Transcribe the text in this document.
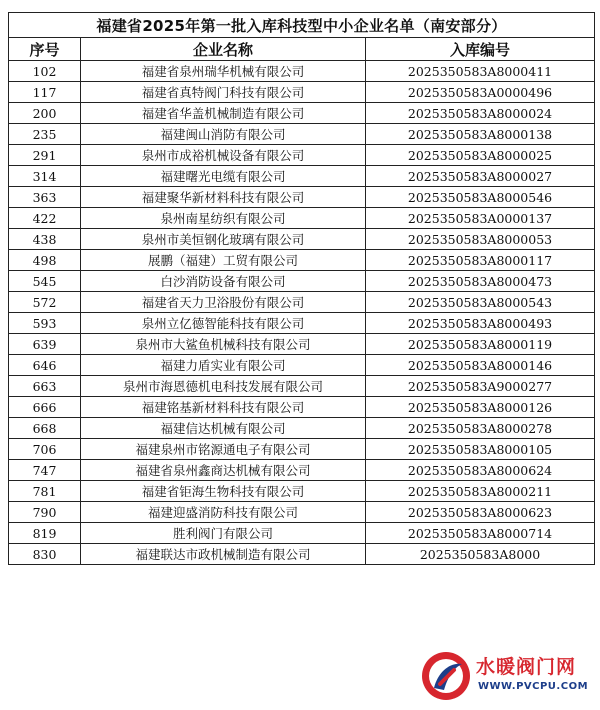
福建省2025年第一批入库科技型中小企业名单（南安部分）		
序号	企业名称	入库编号
102	福建省泉州瑞华机械有限公司	2025350583A8000411
117	福建省真特阀门科技有限公司	2025350583A0000496
200	福建省华盖机械制造有限公司	2025350583A8000024
235	福建闽山消防有限公司	2025350583A8000138
291	泉州市成裕机械设备有限公司	2025350583A8000025
314	福建曙光电缆有限公司	2025350583A8000027
363	福建聚华新材料科技有限公司	2025350583A8000546
422	泉州南星纺织有限公司	2025350583A0000137
438	泉州市美恒钢化玻璃有限公司	2025350583A8000053
498	展鹏（福建）工贸有限公司	2025350583A8000117
545	白沙消防设备有限公司	2025350583A8000473
572	福建省天力卫浴股份有限公司	2025350583A8000543
593	泉州立亿德智能科技有限公司	2025350583A8000493
639	泉州市大鲨鱼机械科技有限公司	2025350583A8000119
646	福建力盾实业有限公司	2025350583A8000146
663	泉州市海恩德机电科技发展有限公司	2025350583A9000277
666	福建铭基新材料科技有限公司	2025350583A8000126
668	福建信达机械有限公司	2025350583A8000278
706	福建泉州市铭源通电子有限公司	2025350583A8000105
747	福建省泉州鑫商达机械有限公司	2025350583A8000624
781	福建省钜海生物科技有限公司	2025350583A8000211
790	福建迎盛消防科技有限公司	2025350583A8000623
819	胜利阀门有限公司	2025350583A8000714
830	福建联达市政机械制造有限公司	2025350583A8000
水暖阀门网
WWW.PVCPU.COM
